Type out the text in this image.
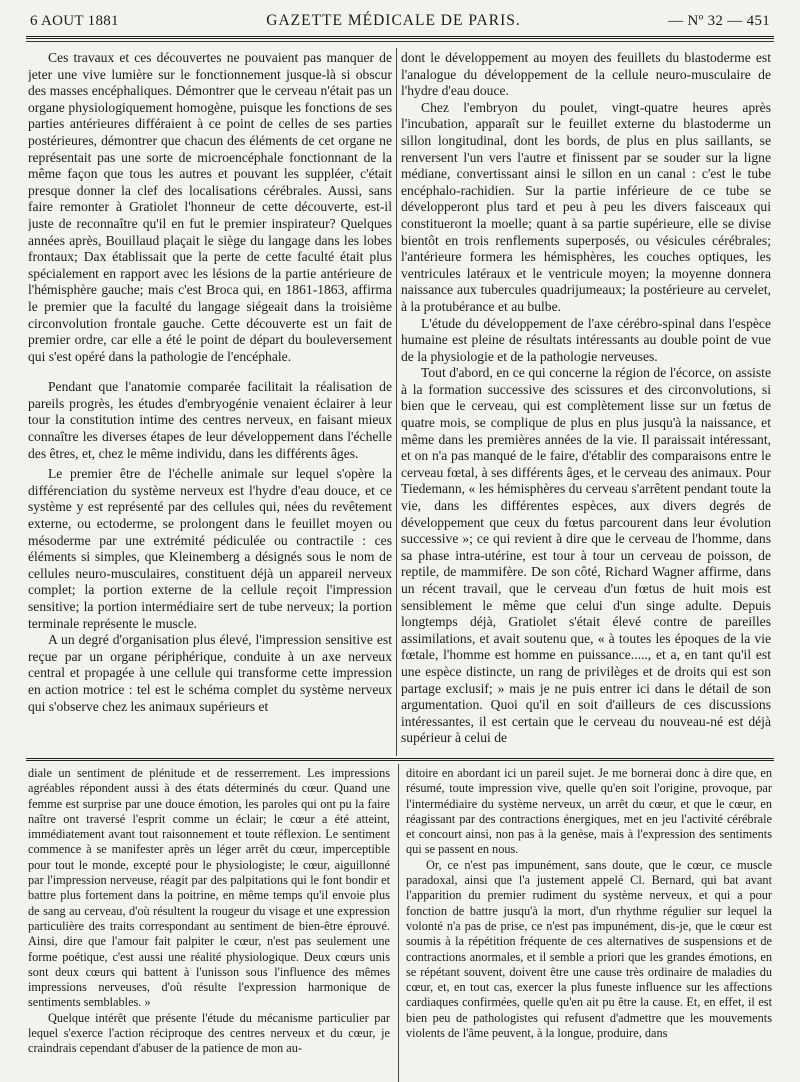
6 AOUT 1881	GAZETTE MÉDICALE DE PARIS.	— Nº 32 — 451

Ces travaux et ces découvertes ne pouvaient pas manquer de jeter une vive lumière sur le fonctionnement jusque-là si obscur des masses encéphaliques. Démontrer que le cerveau n'était pas un organe physiologiquement homogène, puisque les fonctions de ses parties antérieures différaient à ce point de celles de ses parties postérieures, démontrer que chacun des éléments de cet organe ne représentait pas une sorte de microencéphale fonctionnant de la même façon que tous les autres et pouvant les suppléer, c'était presque donner la clef des localisations cérébrales. Aussi, sans faire remonter à Gratiolet l'honneur de cette découverte, est-il juste de reconnaître qu'il en fut le premier inspirateur? Quelques années après, Bouillaud plaçait le siège du langage dans les lobes frontaux; Dax établissait que la perte de cette faculté était plus spécialement en rapport avec les lésions de la partie antérieure de l'hémisphère gauche; mais c'est Broca qui, en 1861-1863, affirma le premier que la faculté du langage siégeait dans la troisième circonvolution frontale gauche. Cette découverte est un fait de premier ordre, car elle a été le point de départ du bouleversement qui s'est opéré dans la pathologie de l'encéphale.

Pendant que l'anatomie comparée facilitait la réalisation de pareils progrès, les études d'embryogénie venaient éclairer à leur tour la constitution intime des centres nerveux, en faisant mieux connaître les diverses étapes de leur développement dans l'échelle des êtres, et, chez le même individu, dans les différents âges.

Le premier être de l'échelle animale sur lequel s'opère la différenciation du système nerveux est l'hydre d'eau douce, et ce système y est représenté par des cellules qui, nées du revêtement externe, ou ectoderme, se prolongent dans le feuillet moyen ou mésoderme par une extrémité pédiculée ou contractile : ces éléments si simples, que Kleinemberg a désignés sous le nom de cellules neuro-musculaires, constituent déjà un appareil nerveux complet; la portion externe de la cellule reçoit l'impression sensitive; la portion intermédiaire sert de tube nerveux; la portion terminale représente le muscle.

A un degré d'organisation plus élevé, l'impression sensitive est reçue par un organe périphérique, conduite à un axe nerveux central et propagée à une cellule qui transforme cette impression en action motrice : tel est le schéma complet du système nerveux qui s'observe chez les animaux supérieurs et

dont le développement au moyen des feuillets du blastoderme est l'analogue du développement de la cellule neuro-musculaire de l'hydre d'eau douce.

Chez l'embryon du poulet, vingt-quatre heures après l'incubation, apparaît sur le feuillet externe du blastoderme un sillon longitudinal, dont les bords, de plus en plus saillants, se renversent l'un vers l'autre et finissent par se souder sur la ligne médiane, convertissant ainsi le sillon en un canal : c'est le tube encéphalo-rachidien. Sur la partie inférieure de ce tube se développeront plus tard et peu à peu les divers faisceaux qui constitueront la moelle; quant à sa partie supérieure, elle se divise bientôt en trois renflements superposés, ou vésicules cérébrales; l'antérieure formera les hémisphères, les couches optiques, les ventricules latéraux et le ventricule moyen; la moyenne donnera naissance aux tubercules quadrijumeaux; la postérieure au cervelet, à la protubérance et au bulbe.

L'étude du développement de l'axe cérébro-spinal dans l'espèce humaine est pleine de résultats intéressants au double point de vue de la physiologie et de la pathologie nerveuses.

Tout d'abord, en ce qui concerne la région de l'écorce, on assiste à la formation successive des scissures et des circonvolutions, si bien que le cerveau, qui est complètement lisse sur un fœtus de quatre mois, se complique de plus en plus jusqu'à la naissance, et même dans les premières années de la vie. Il paraissait intéressant, et on n'a pas manqué de le faire, d'établir des comparaisons entre le cerveau fœtal, à ses différents âges, et le cerveau des animaux. Pour Tiedemann, « les hémisphères du cerveau s'arrêtent pendant toute la vie, dans les différentes espèces, aux divers degrés de développement que ceux du fœtus parcourent dans leur évolution successive »; ce qui revient à dire que le cerveau de l'homme, dans sa phase intra-utérine, est tour à tour un cerveau de poisson, de reptile, de mammifère. De son côté, Richard Wagner affirme, dans un récent travail, que le cerveau d'un fœtus de huit mois est sensiblement le même que celui d'un singe adulte. Depuis longtemps déjà, Gratiolet s'était élevé contre de pareilles assimilations, et avait soutenu que, « à toutes les époques de la vie fœtale, l'homme est homme en puissance....., et a, en tant qu'il est une espèce distincte, un rang de privilèges et de droits qui est son partage exclusif; » mais je ne puis entrer ici dans le détail de son argumentation. Quoi qu'il en soit d'ailleurs de ces discussions intéressantes, il est certain que le cerveau du nouveau-né est déjà supérieur à celui de

diale un sentiment de plénitude et de resserrement. Les impressions agréables répondent aussi à des états déterminés du cœur. Quand une femme est surprise par une douce émotion, les paroles qui ont pu la faire naître ont traversé l'esprit comme un éclair; le cœur a été atteint, immédiatement avant tout raisonnement et toute réflexion. Le sentiment commence à se manifester après un léger arrêt du cœur, imperceptible pour tout le monde, excepté pour le physiologiste; le cœur, aiguillonné par l'impression nerveuse, réagit par des palpitations qui le font bondir et battre plus fortement dans la poitrine, en même temps qu'il envoie plus de sang au cerveau, d'où résultent la rougeur du visage et une expression particulière des traits correspondant au sentiment de bien-être éprouvé. Ainsi, dire que l'amour fait palpiter le cœur, n'est pas seulement une forme poétique, c'est aussi une réalité physiologique. Deux cœurs unis sont deux cœurs qui battent à l'unisson sous l'influence des mêmes impressions nerveuses, d'où résulte l'expression harmonique de sentiments semblables. »

Quelque intérêt que présente l'étude du mécanisme particulier par lequel s'exerce l'action réciproque des centres nerveux et du cœur, je craindrais cependant d'abuser de la patience de mon au-

ditoire en abordant ici un pareil sujet. Je me bornerai donc à dire que, en résumé, toute impression vive, quelle qu'en soit l'origine, provoque, par l'intermédiaire du système nerveux, un arrêt du cœur, et que le cœur, en réagissant par des contractions énergiques, met en jeu l'activité cérébrale et concourt ainsi, non pas à la genèse, mais à l'expression des sentiments qui se passent en nous.

Or, ce n'est pas impunément, sans doute, que le cœur, ce muscle paradoxal, ainsi que l'a justement appelé Cl. Bernard, qui bat avant l'apparition du premier rudiment du système nerveux, et qui a pour fonction de battre jusqu'à la mort, d'un rhythme régulier sur lequel la volonté n'a pas de prise, ce n'est pas impunément, dis-je, que le cœur est soumis à la répétition fréquente de ces alternatives de suspensions et de contractions anormales, et il semble a priori que les grandes émotions, en se répétant souvent, doivent être une cause très ordinaire de maladies du cœur, et, en tout cas, exercer la plus funeste influence sur les affections cardiaques confirmées, quelle qu'en ait pu être la cause. Et, en effet, il est bien peu de pathologistes qui refusent d'admettre que les mouvements violents de l'âme peuvent, à la longue, produire, dans
